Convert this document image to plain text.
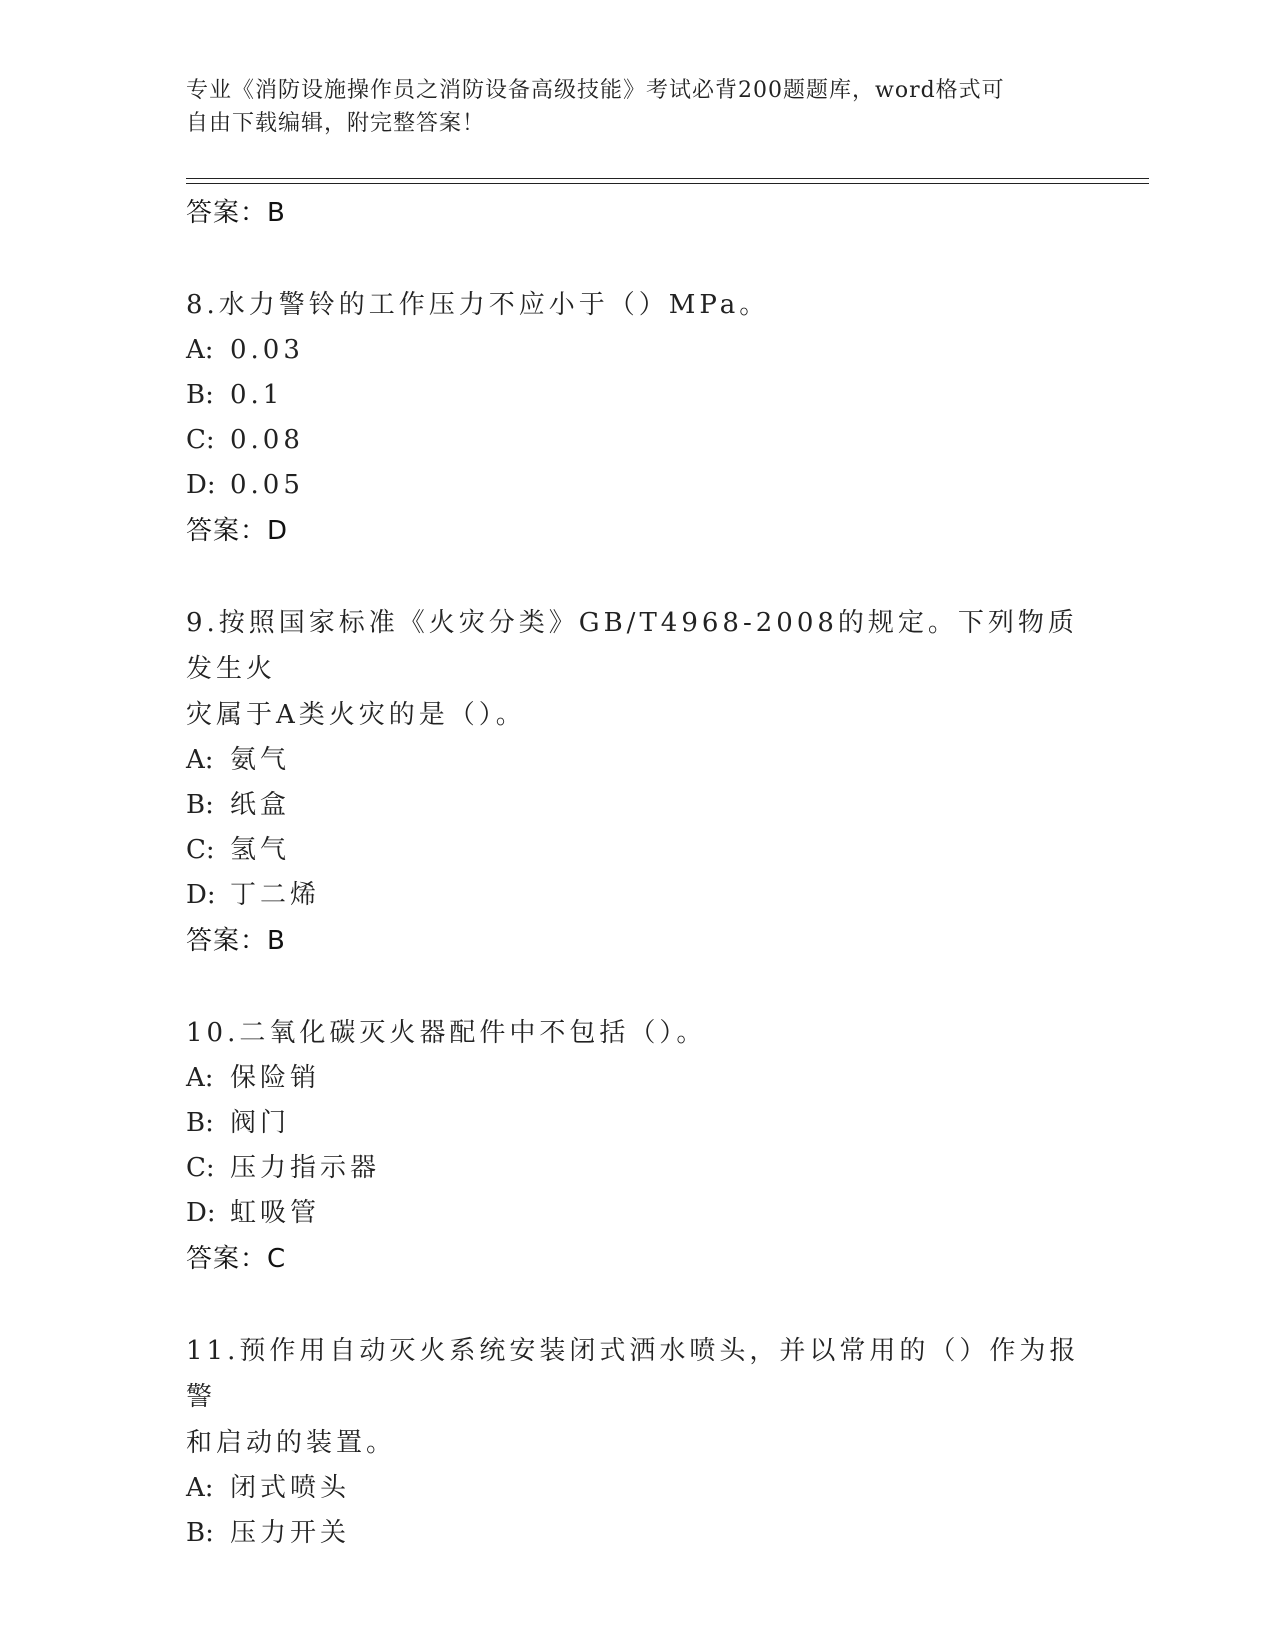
专业《消防设施操作员之消防设备高级技能》考试必背200题题库，word格式可
自由下载编辑，附完整答案！
答案：B
8.水力警铃的工作压力不应小于（）MPa。
A: 0.03
B: 0.1
C: 0.08
D: 0.05
答案：D
9.按照国家标准《火灾分类》GB/T4968-2008的规定。下列物质发生火
灾属于A类火灾的是（）。
A: 氨气
B: 纸盒
C: 氢气
D: 丁二烯
答案：B
10.二氧化碳灭火器配件中不包括（）。
A: 保险销
B: 阀门
C: 压力指示器
D: 虹吸管
答案：C
11.预作用自动灭火系统安装闭式洒水喷头，并以常用的（）作为报警
和启动的装置。
A: 闭式喷头
B: 压力开关
